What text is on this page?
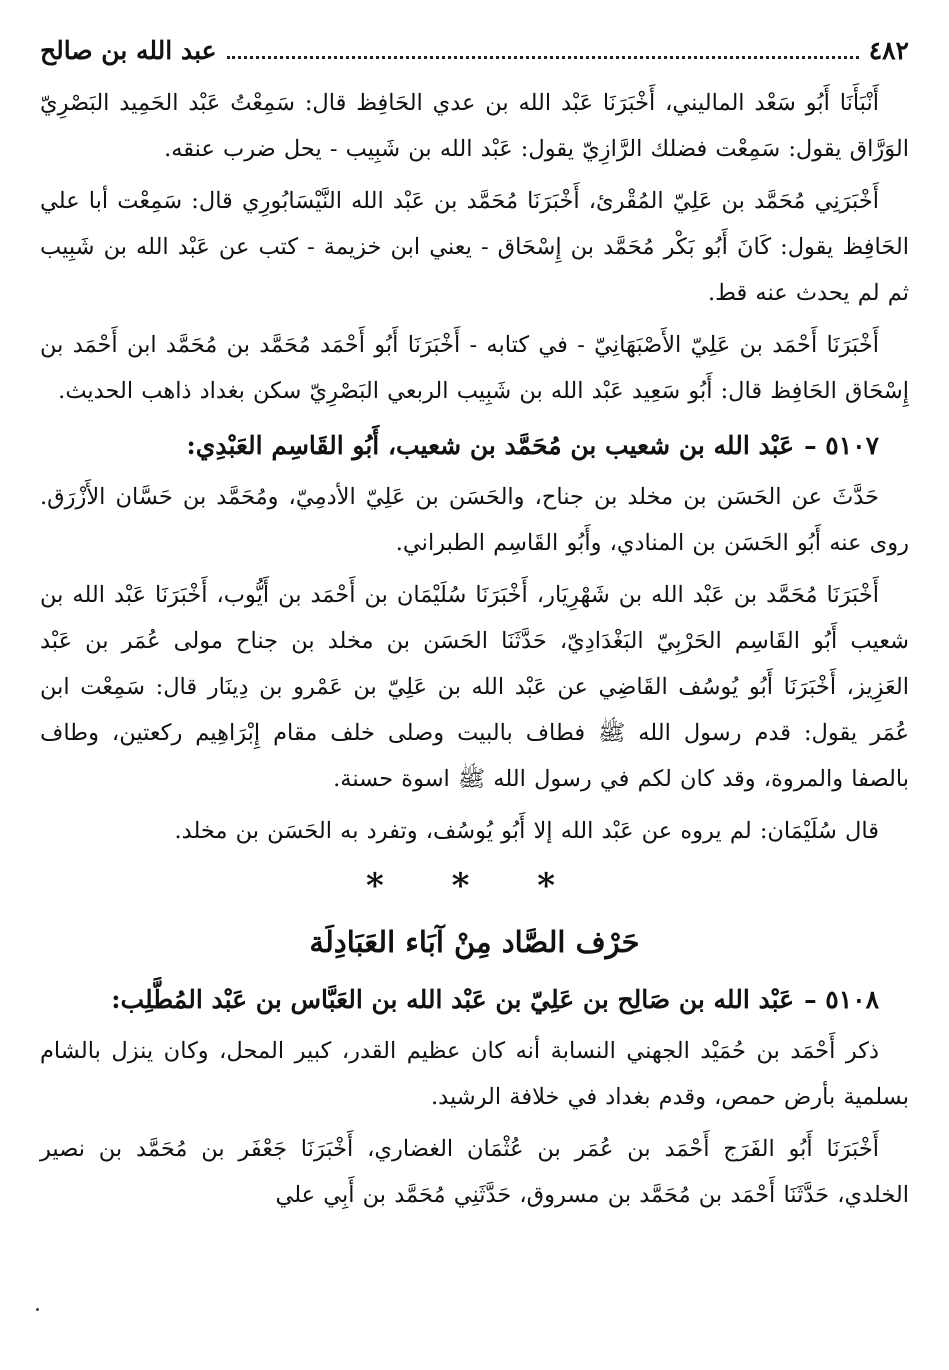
٤٨٢
عبد الله بن صالح

أَنْبَأَنَا أَبُو سَعْد الماليني، أَخْبَرَنَا عَبْد الله بن عدي الحَافِظ قال: سَمِعْتُ عَبْد الحَمِيد البَصْرِيّ الوَرَّاق يقول: سَمِعْت فضلك الرَّازِيّ يقول: عَبْد الله بن شَبِيب - يحل ضرب عنقه.

أَخْبَرَنِي مُحَمَّد بن عَلِيّ المُقْرئ، أَخْبَرَنَا مُحَمَّد بن عَبْد الله النَّيْسَابُورِي قال: سَمِعْت أبا علي الحَافِظ يقول: كَانَ أَبُو بَكْر مُحَمَّد بن إِسْحَاق - يعني ابن خزيمة - كتب عن عَبْد الله بن شَبِيب ثم لم يحدث عنه قط.

أَخْبَرَنَا أَحْمَد بن عَلِيّ الأَصْبَهَانِيّ - في كتابه - أَخْبَرَنَا أَبُو أَحْمَد مُحَمَّد بن مُحَمَّد ابن أَحْمَد بن إِسْحَاق الحَافِظ قال: أَبُو سَعِيد عَبْد الله بن شَبِيب الربعي البَصْرِيّ سكن بغداد ذاهب الحديث.

٥١٠٧ –عَبْد الله بن شعيب بن مُحَمَّد بن شعيب، أَبُو القَاسِم العَبْدِي:

حَدَّثَ عن الحَسَن بن مخلد بن جناح، والحَسَن بن عَلِيّ الأدمِيّ، ومُحَمَّد بن حَسَّان الأَزْرَق. روى عنه أَبُو الحَسَن بن المنادي، وأَبُو القَاسِم الطبراني.

أَخْبَرَنَا مُحَمَّد بن عَبْد الله بن شَهْرِيَار، أَخْبَرَنَا سُلَيْمَان بن أَحْمَد بن أَيُّوب، أَخْبَرَنَا عَبْد الله بن شعيب أَبُو القَاسِم الحَرْبِيّ البَغْدَادِيّ، حَدَّثَنَا الحَسَن بن مخلد بن جناح مولى عُمَر بن عَبْد العَزِيز، أَخْبَرَنَا أَبُو يُوسُف القَاضِي عن عَبْد الله بن عَلِيّ بن عَمْرو بن دِينَار قال: سَمِعْت ابن عُمَر يقول: قدم رسول الله ﷺ فطاف بالبيت وصلى خلف مقام إِبْرَاهِيم ركعتين، وطاف بالصفا والمروة، وقد كان لكم في رسول الله ﷺ اسوة حسنة.

قال سُلَيْمَان: لم يروه عن عَبْد الله إلا أَبُو يُوسُف، وتفرد به الحَسَن بن مخلد.

* * *
حَرْف الصَّاد مِنْ آبَاء العَبَادِلَة
٥١٠٨ –عَبْد الله بن صَالِح بن عَلِيّ بن عَبْد الله بن العَبَّاس بن عَبْد المُطَّلِب:

ذكر أَحْمَد بن حُمَيْد الجهني النسابة أنه كان عظيم القدر، كبير المحل، وكان ينزل بالشام بسلمية بأرض حمص، وقدم بغداد في خلافة الرشيد.

أَخْبَرَنَا أَبُو الفَرَج أَحْمَد بن عُمَر بن عُثْمَان الغضاري، أَخْبَرَنَا جَعْفَر بن مُحَمَّد بن نصير الخلدي، حَدَّثَنَا أَحْمَد بن مُحَمَّد بن مسروق، حَدَّثَنِي مُحَمَّد بن أَبِي علي
